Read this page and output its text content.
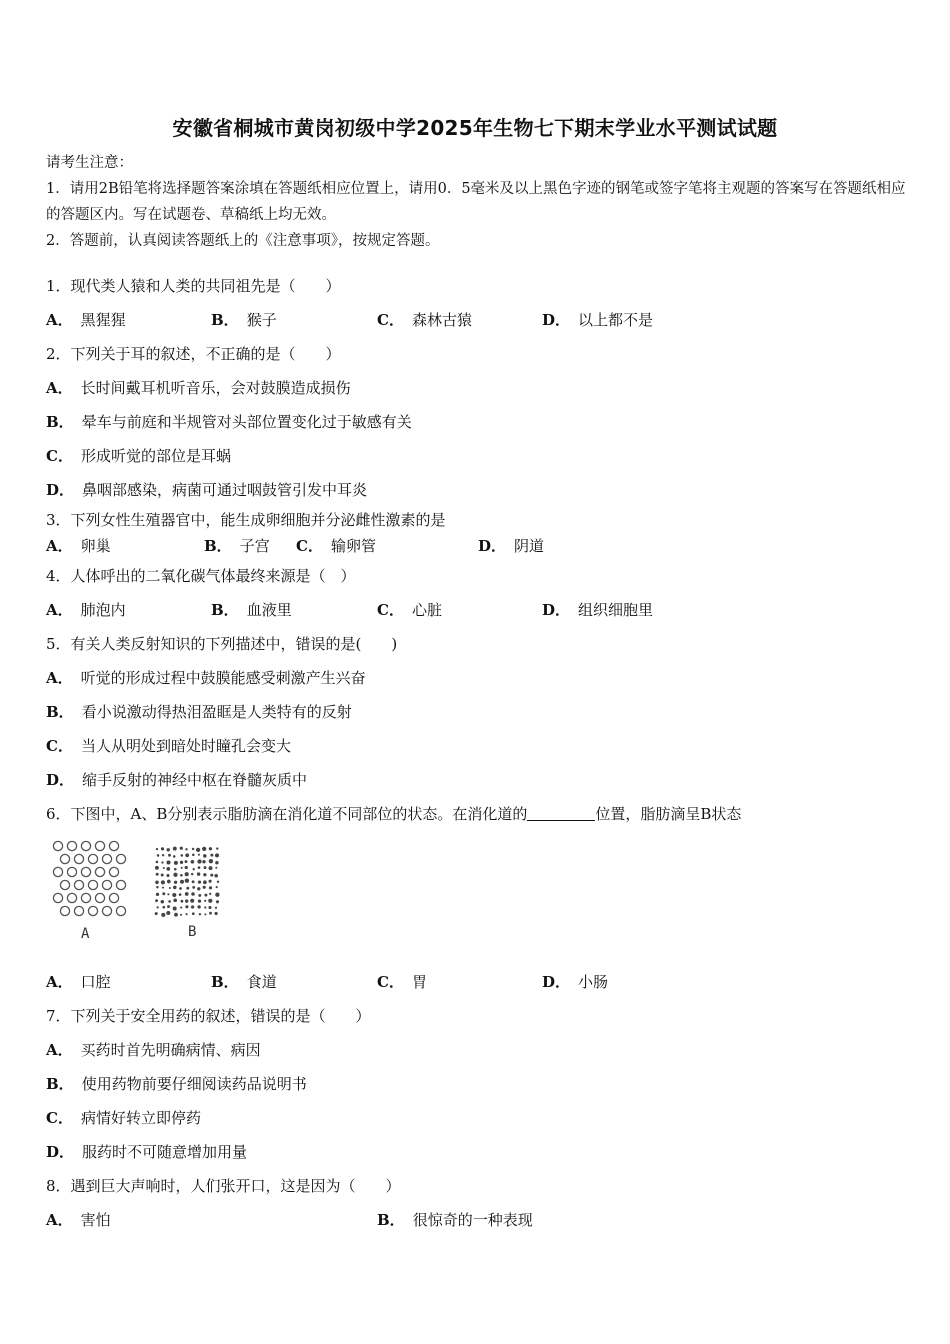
安徽省桐城市黄岗初级中学2025年生物七下期末学业水平测试试题
请考生注意：
1．请用2B铅笔将选择题答案涂填在答题纸相应位置上，请用0．5毫米及以上黑色字迹的钢笔或签字笔将主观题的答案写在答题纸相应的答题区内。写在试题卷、草稿纸上均无效。
2．答题前，认真阅读答题纸上的《注意事项》，按规定答题。
1．现代类人猿和人类的共同祖先是（　　）
A． 黑猩猩	B． 猴子	C． 森林古猿	D． 以上都不是
2．下列关于耳的叙述，不正确的是（　　）
A． 长时间戴耳机听音乐，会对鼓膜造成损伤
B． 晕车与前庭和半规管对头部位置变化过于敏感有关
C． 形成听觉的部位是耳蜗
D． 鼻咽部感染，病菌可通过咽鼓管引发中耳炎
3．下列女性生殖器官中，能生成卵细胞并分泌雌性激素的是
A． 卵巢	B． 子宫 C． 输卵管	D． 阴道
4．人体呼出的二氧化碳气体最终来源是（　）
A． 肺泡内	B． 血液里	C． 心脏	D． 组织细胞里
5．有关人类反射知识的下列描述中，错误的是(　　)
A． 听觉的形成过程中鼓膜能感受刺激产生兴奋
B． 看小说激动得热泪盈眶是人类特有的反射
C． 当人从明处到暗处时瞳孔会变大
D． 缩手反射的神经中枢在脊髓灰质中
6．下图中，A、B分别表示脂肪滴在消化道不同部位的状态。在消化道的	位置，脂肪滴呈B状态
A	B
A． 口腔	B． 食道	C． 胃	D． 小肠
7．下列关于安全用药的叙述，错误的是（　　）
A． 买药时首先明确病情、病因
B． 使用药物前要仔细阅读药品说明书
C． 病情好转立即停药
D． 服药时不可随意增加用量
8．遇到巨大声响时，人们张开口，这是因为（　　）
A． 害怕	B． 很惊奇的一种表现
